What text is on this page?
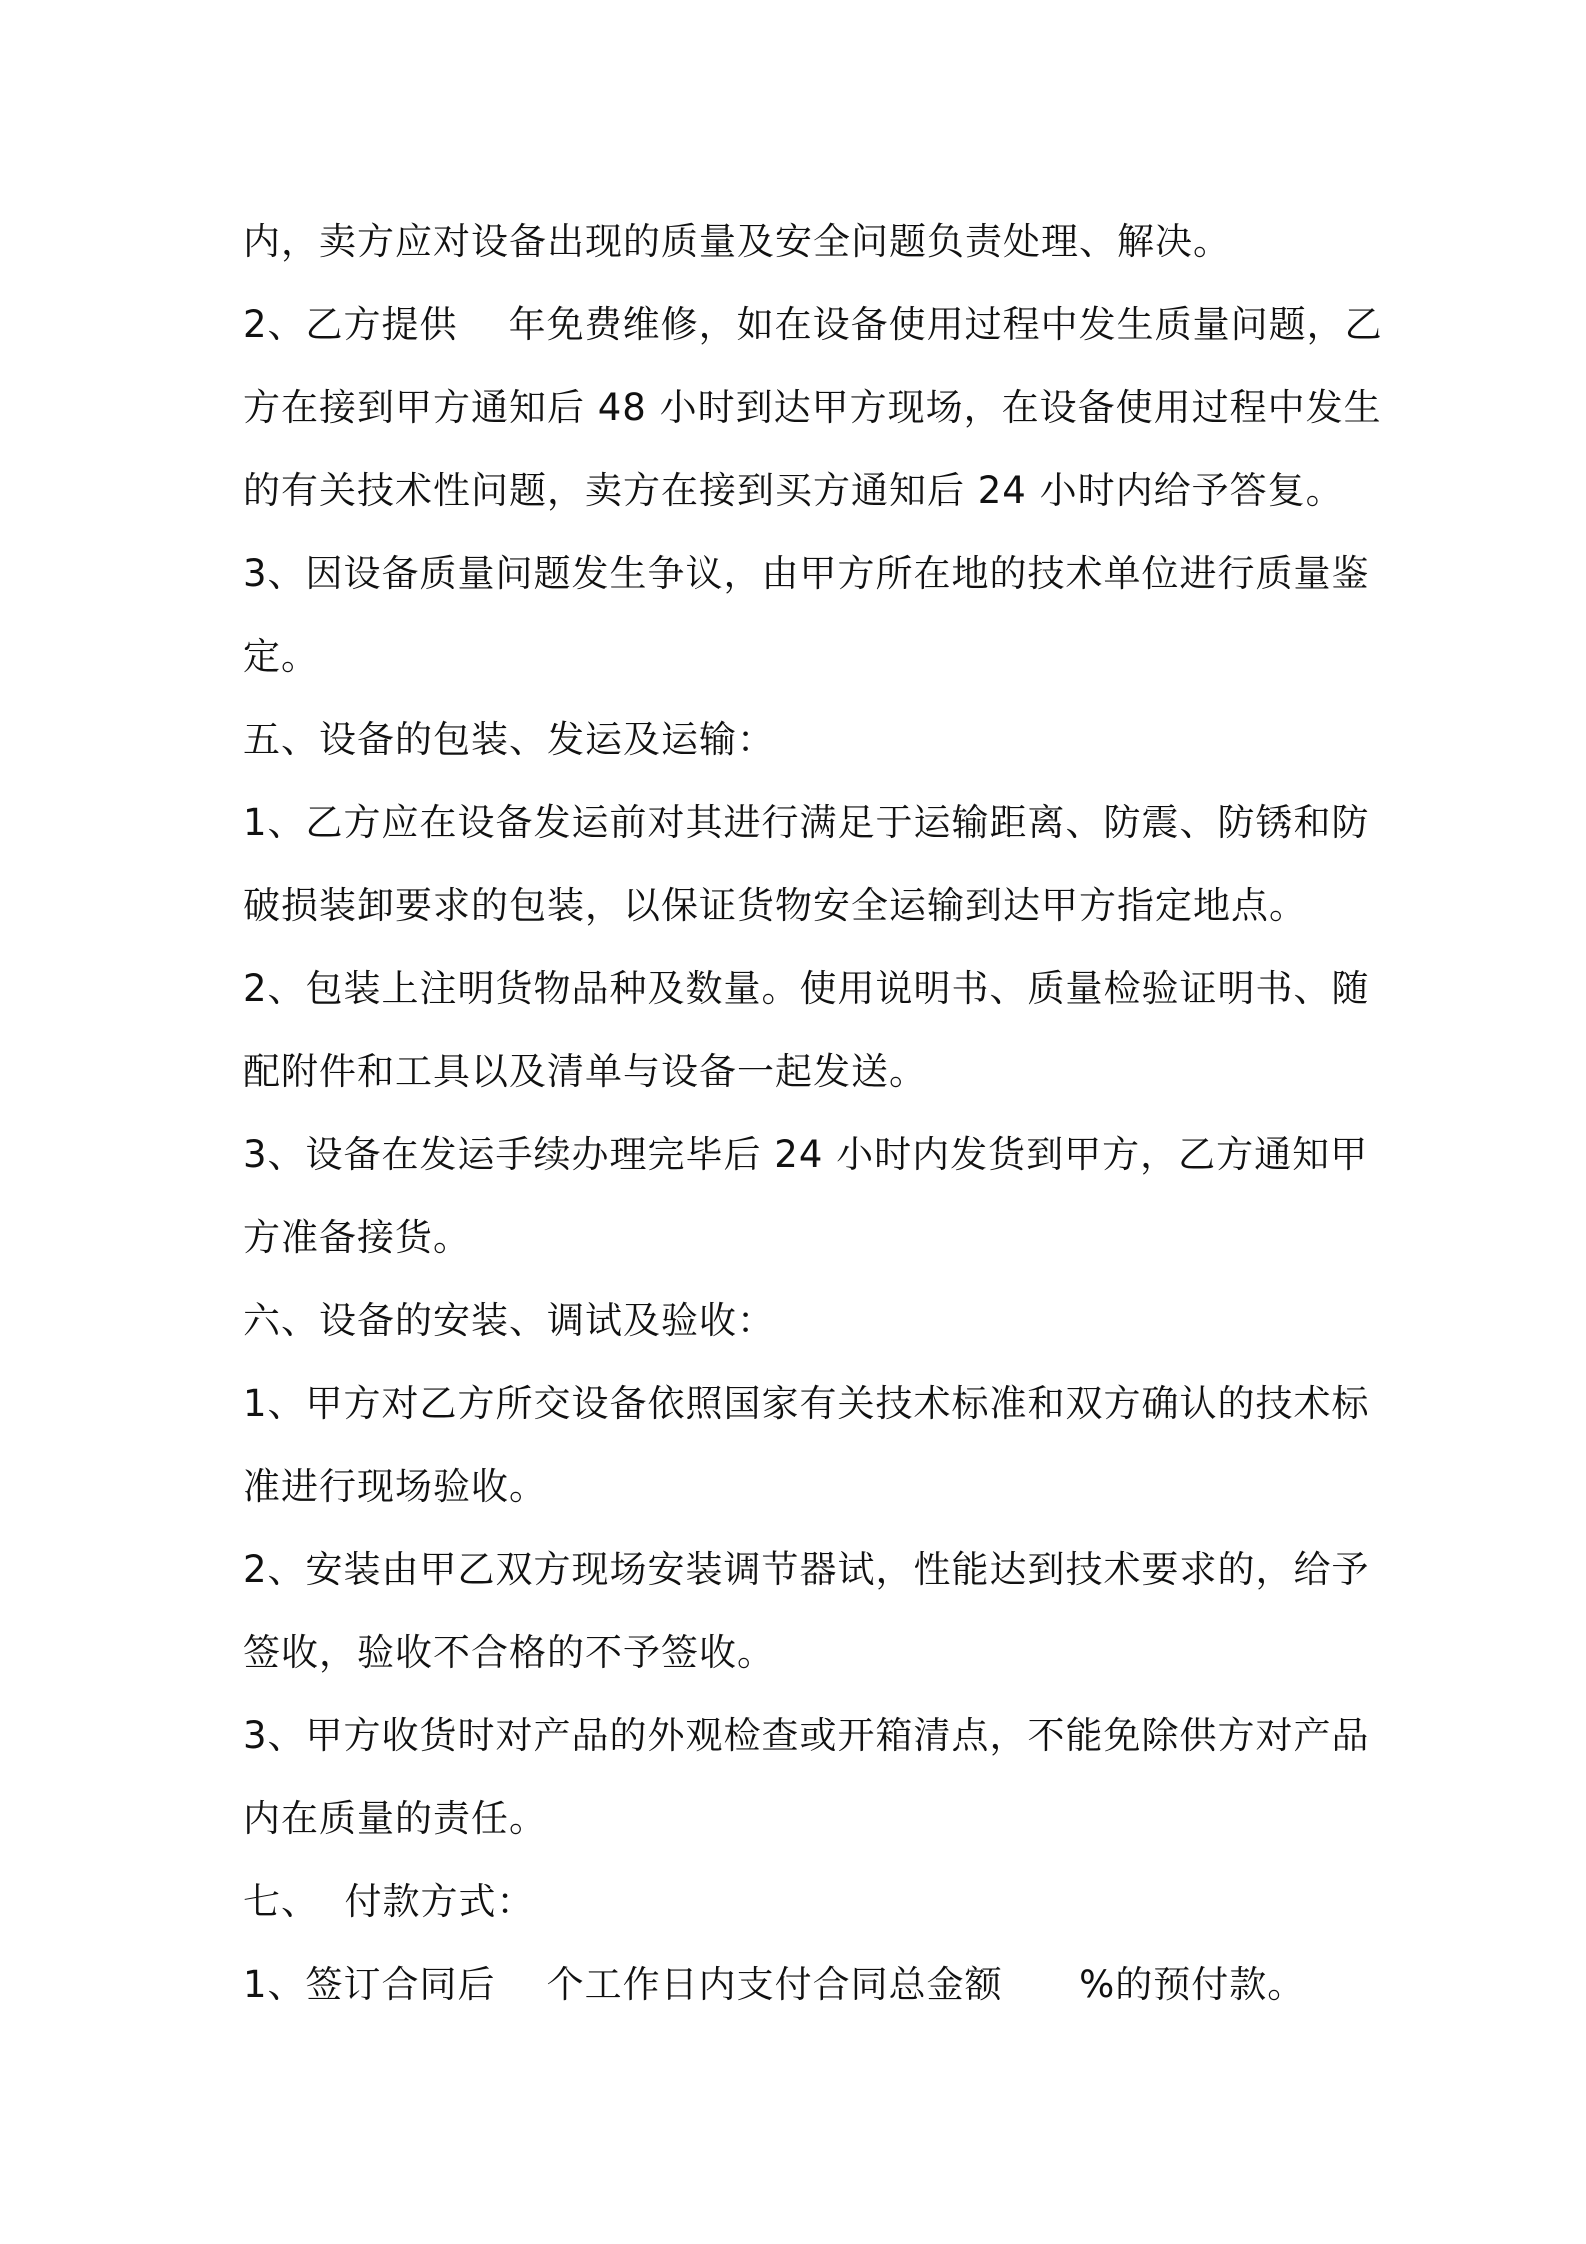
内，卖方应对设备出现的质量及安全问题负责处理、解决。
2、乙方提供    年免费维修，如在设备使用过程中发生质量问题，乙
方在接到甲方通知后 48 小时到达甲方现场，在设备使用过程中发生
的有关技术性问题，卖方在接到买方通知后 24 小时内给予答复。
3、因设备质量问题发生争议，由甲方所在地的技术单位进行质量鉴
定。
五、设备的包装、发运及运输：
1、乙方应在设备发运前对其进行满足于运输距离、防震、防锈和防
破损装卸要求的包装，以保证货物安全运输到达甲方指定地点。
2、包装上注明货物品种及数量。使用说明书、质量检验证明书、随
配附件和工具以及清单与设备一起发送。
3、设备在发运手续办理完毕后 24 小时内发货到甲方，乙方通知甲
方准备接货。
六、设备的安装、调试及验收：
1、甲方对乙方所交设备依照国家有关技术标准和双方确认的技术标
准进行现场验收。
2、安装由甲乙双方现场安装调节器试，性能达到技术要求的，给予
签收，验收不合格的不予签收。
3、甲方收货时对产品的外观检查或开箱清点，不能免除供方对产品
内在质量的责任。
七、  付款方式：
1、签订合同后    个工作日内支付合同总金额      %的预付款。
